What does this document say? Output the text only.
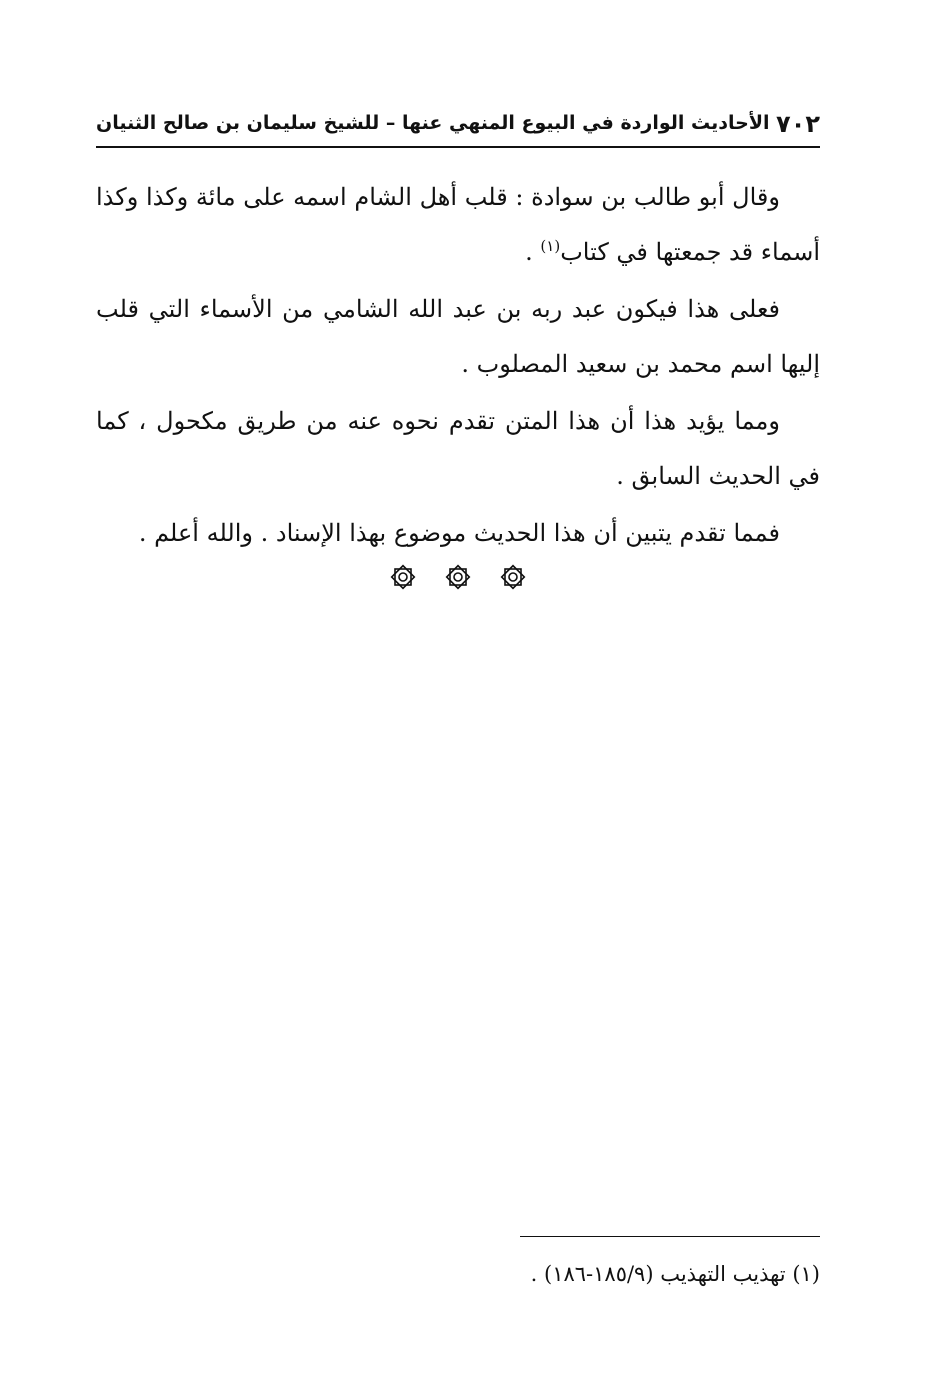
٧٠٢
الأحاديث الواردة في البيوع المنهي عنها – للشيخ سليمان بن صالح الثنيان

وقال أبو طالب بن سوادة : قلب أهل الشام اسمه على مائة وكذا وكذا أسماء قد جمعتها في كتاب$^{(١)}$ .

فعلى هذا فيكون عبد ربه بن عبد الله الشامي من الأسماء التي قلب إليها اسم محمد بن سعيد المصلوب .

ومما يؤيد هذا أن هذا المتن تقدم نحوه عنه من طريق مكحول ، كما في الحديث السابق .

فمما تقدم يتبين أن هذا الحديث موضوع بهذا الإسناد . والله أعلم .

(١) تهذيب التهذيب (١٨٥/٩-١٨٦) .
